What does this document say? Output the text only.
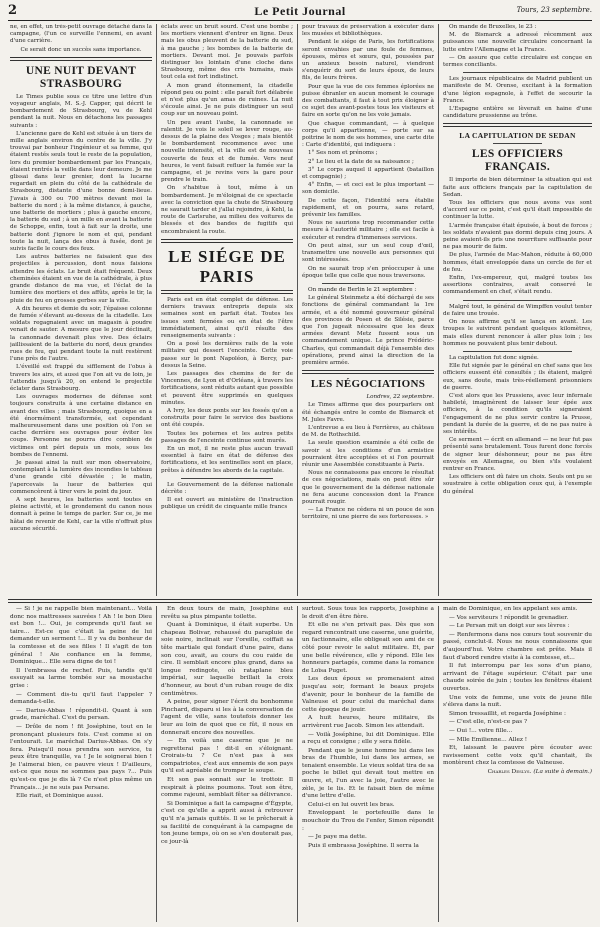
2	Le Petit Journal	Tours, 23 septembre.

ne, en effet, un très-petit ouvrage détaché dans la campagne, (l'un ce surveille l'ennemi, en avant d'une carrière.

Ce serait donc un succès sans importance.

UNE NUIT DEVANT STRASBOURG

Le Times publie sous ce titre une lettre d'un voyageur anglais, M. S.-J. Capper, qui décrit le bombardement de Strasbourg, vu de Kehl pendant la nuit. Nous en détachons les passages suivants :

L'ancienne gare de Kehl est située à un tiers de mille anglais environ du centre de la ville. J'y trouvai par bonheur l'ingénieur et sa femme, qui étaient restés seuls tout le reste de la population, lors du premier bombardement par les Français, étaient rentrés la veille dans leur demeure. Je me glissai dans leur grenier, dont la lucarne regardait en plein du côté de la cathédrale de Strasbourg, distante d'une bonne demi-lieue. J'avais à 300 ou 700 mètres devant moi la batterie du nord ; à la même distance, à gauche, une batterie de mortiers ; plus à gauche encore, la batterie du sud ; à un mille en avant la batterie de Schoppe, enfin, tout à fait sur la droite, une batterie dont j'ignore le nom et qui, pendant toute la nuit, lança des obus à fusée, dont je suivis facile le cours des feux.

Les autres batteries ne faisaient que des projectiles à percussion, dont nous faisions attendre les éclats. Le bruit était fréquent. Deux cheminées étaient en vue de la cathédrale, à plus grande distance de ma vue, et l'éclat de la lumière des mortiers et des affûts, après le tir, la pluie de feu en grosses gerbes sur la ville.

A dix heures et demie du soir, l'épaisse colonne de fumée s'élevant au-dessus de la citadelle. Les soldats regagnaient avec un magasin à poudre venait de sauter. A mesure que le jour déclinait, la canonnade devenait plus vive. Des éclairs jaillissaient de la batterie du nord, deux grandes rues de feu, qui pendant toute la nuit restèrent l'une près de l'autre.

L'éveillé est frappé du sifflement de l'obus à travers les airs, et aussi que l'on ait vu de loin, je l'attendis jusqu'à 20, on entend le projectile éclater dans Strasbourg.

Les ouvrages modernes de défense sont toujours construits à une certaine distance en avant des villes ; mais Strasbourg, quoique en a été énormément transformée, est cependant malheureusement dans une position où l'on se cache derrière ses ouvrages pour éviter les coups. Personne ne pourra dire combien de victimes ont péri depuis un mois, sous les bombes de l'ennemi.

Je passai ainsi la nuit sur mon observatoire, contemplant à la lumière des incendies le tableau d'une grande cité dévastée ; le matin, j'apercevais la lueur de batteries qui commencèrent à tirer vers le point du jour.

A sept heures, les batteries sont toutes en pleine activité, et le grondement du canon nous donnait à peine le temps de parler. Sur ce, je me hâtai de revenir de Kehl, car la ville n'offrait plus aucune sécurité.

éclats avec un bruit sourd. C'est une bombe ; les mortiers viennent d'entrer en ligne. Deux mais les obus pleuvent de la batterie du sud, à ma gauche ; les bombes de la batterie de mortiers. Devant moi. Je pouvais parfois distinguer les lointain d'une cloche dans Strasbourg, même des cris humains, mais tout cela est fort indistinct.

A mon grand étonnement, la citadelle répond peu ou point : elle paraît fort délabrée et n'est plus qu'un amas de ruines. La nuit s'écoule ainsi. Je ne puis distinguer un seul coup sur un nouveau point.

Un peu avant l'aube, la canonnade se ralentit. Je vois le soleil se lever rouge, au-dessus de la plaine des Vosges ; mais bientôt le bombardement recommence avec une nouvelle intensité, et la ville est de nouveau couverte de feux et de fumée. Vers neuf heures, le vent faisait refluer la fumée sur la campagne, et je revins vers la gare pour prendre le train.

On s'habitue à tout, même à un bombardement. Je m'éloignai de ce spectacle avec la conviction que la chute de Strasbourg ne saurait tarder et j'allai rejoindre, à Kehl, la route de Carlsruhe, au milieu des voitures de blessés et des bandes de fugitifs qui encombraient la route.

LE SIÉGE DE PARIS

Paris est en état complet de défense. Les derniers travaux entrepris depuis six semaines sont en parfait état. Toutes les issues sont fermées ou en état de l'être immédiatement, ainsi qu'il résulte des renseignements suivants :

On a posé les dernières rails de la voie militaire qui dessert l'enceinte. Cette voie passe sur le pont Napoléon, à Bercy, par-dessus la Seine.

Les passages des chemins de fer de Vincennes, de Lyon et d'Orléans, à travers les fortifications, sont réduits autant que possible et peuvent être supprimés en quelques minutes.

A Ivry, les deux ponts sur les fossés qu'on a construits pour faire le service des bastions ont été coupés.

Toutes les poternes et les autres petits passages de l'enceinte continue sont murés.

En un mot, il ne reste plus aucun travail essentiel à faire en état de défense des fortifications, et les sentinelles sont en place, prêtes à défendre les abords de la capitale.

Le Gouvernement de la défense nationale décrète :

Il est ouvert au ministère de l'instruction publique un crédit de cinquante mille francs

pour travaux de préservation à exécuter dans les musées et bibliothèques.

Pendant le siége de Paris, les fortifications seront envahies par une foule de femmes, épouses, mères et sœurs, qui, poussées par un anxieux besoin naturel, viendront s'enquérir du sort de leurs époux, de leurs fils, de leurs frères.

Pour que la vue de ces femmes éplorées ne puisse ébranler en aucun moment le courage des combattants, il faut à tout prix éloigner à ce sujet des avant-postes tous les visiteurs et faire en sorte qu'on ne les voie jamais.

Que chaque commandant, — à quelque corps qu'il appartienne, — porte sur sa poitrine le nom de ses hommes, une carte dite : Carte d'identité, qui indiquera :

1° Ses nom et prénoms ;

2° Le lieu et la date de sa naissance ;

3° Le corps auquel il appartient (bataillon et compagnie) ;

4° Enfin, — et ceci est le plus important — son domicile.

De cette façon, l'identité sera établie rapidement, et on pourra, sans retard, prévenir les familles.

Nous ne saurions trop recommander cette mesure à l'autorité militaire ; elle est facile à exécuter et rendra d'immenses services.

On peut ainsi, sur un seul coup d'œil, transmettre une nouvelle aux personnes qui sont intéressées.

On ne saurait trop s'en préoccuper à une époque telle que celle que nous traversons.

On mande de Berlin le 21 septembre :

Le général Steinmetz a été déchargé de ses fonctions de général commandant la 1re armée, et a été nommé gouverneur général des provinces de Posen et de Silésie, parce que l'on jugeait nécessaire que les deux armées devant Metz fussent sous un commandement unique. Le prince Frédéric-Charles, qui commandait déjà l'ensemble des opérations, prend ainsi la direction de la première armée.

LES NÉGOCIATIONS

Londres, 22 septembre.

Le Times affirme que des pourparlers ont été échangés entre le comte de Bismarck et M. Jules Favre.

L'entrevue a eu lieu à Ferrières, au château de M. de Rothschild.

La seule question examinée a été celle de savoir si les conditions d'un armistice pourraient être acceptées et si l'on pourrait réunir une Assemblée constituante à Paris.

Nous ne connaissons pas encore le résultat de ces négociations, mais on peut être sûr que le gouvernement de la défense nationale ne fera aucune concession dont la France pourrait rougir.

— La France ne cédera ni un pouce de son territoire, ni une pierre de ses forteresses. »

On mande de Bruxelles, le 23 :

M. de Bismarck a adressé récemment aux puissances une nouvelle circulaire concernant la lutte entre l'Allemagne et la France.

— On assure que cette circulaire est conçue en termes conciliants.

Les journaux républicains de Madrid publient un manifeste de M. Orense, excitant à la formation d'une légion espagnole, à l'effet de secourir la France.

L'Espagne entière se lèverait en haine d'une candidature prussienne au trône.

LA CAPITULATION DE SEDAN
LES OFFICIERS FRANÇAIS.

Il importe de bien déterminer la situation qui est faite aux officiers français par la capitulation de Sedan.

Tous les officiers que nous avons vus sont d'accord sur ce point, c'est qu'il était impossible de continuer la lutte.

L'armée française était épuisée, à bout de forces ; les soldats n'avaient pas dormi depuis cinq jours. A peine avaient-ils pris une nourriture suffisante pour ne pas mourir de faim.

De plus, l'armée de Mac-Mahon, réduite à 60,000 hommes, était enveloppée dans un cercle de fer et de feu.

Enfin, l'ex-empereur, qui, malgré toutes les assertions contraires, avait conservé le commandement en chef, s'était rendu.

Malgré tout, le général de Wimpffen voulut tenter de faire une trouée.

On nous affirme qu'il se lança en avant. Les troupes le suivirent pendant quelques kilomètres, mais elles durent renoncer à aller plus loin ; les hommes ne pouvaient plus tenir debout.

La capitulation fut donc signée.

Elle fut signée par le général en chef sans que les officiers eussent été consultés ; ils étaient, malgré eux, sans doute, mais très-réellement prisonniers de guerre.

C'est alors que les Prussiens, avec leur infernale habileté, imaginèrent de laisser leur épée aux officiers, à la condition qu'ils signeraient l'engagement de ne plus servir contre la Prusse, pendant la durée de la guerre, et de ne pas nuire à ses intérêts.

Ce serment — écrit en allemand — ne leur fut pas présenté sans brutalement. Tous furent donc forcés de signer leur déshonneur, pour ne pas être envoyés en Allemagne, ou bien s'ils voulaient rentrer en France.

Les officiers ont dû faire un choix. Seuls ont pu se soustraire à cette obligation ceux qui, à l'exemple du général

— Si ! je ne rappelle bien maintenant... Voilà donc nos mattresses sauvées ! Ah ! le bon Dieu est bon !... Oui, je comprends qu'il faut se taire... Est-ce que c'était la peine de lui demander un serment !... Il y va du bonheur de la comtesse et de ses filles ! Il s'agit de ton général ! Aie confiance en la femme, Dominique... Elle sera digne de toi !

Il l'embrassa de rechef. Puis, tandis qu'il essuyait sa larme tombée sur sa moustache grise :

— Comment dis-tu qu'il faut l'appeler ? demanda-t-elle.

— Darius-Abbas ! répondit-il. Quant à son grade, maréchal. C'est du persan.

— Drôle de nom ! fit Joséphine, tout en le prononçant plusieurs fois. C'est comme si on l'entourait. Le maréchal Darius-Abbas. On s'y fera. Puisqu'il nous prendra son service, tu peux être tranquille, va ! Je le soignerai bien ! Je l'aimerai bien, ce pauvre vieux ! D'ailleurs, est-ce que nous ne sommes pas pays ?... Puis qu'est-ce que je dis là ? Ce n'est plus même un Français... je ne suis pas Persane.

Elle riait, et Dominique aussi.

En deux tours de main, Joséphine eut revêtu sa plus pimpante toilette.

Quant à Dominique, il était superbe. Un chapeau Bolivar, rehaussé du parapluie de soie noire, inclinait sur l'oreille, coiffait sa tête martiale qui fondait d'une paire, dans son cou, avait, au cours du cou raide de cire. Il semblait encore plus grand, dans sa longue redingote, où rataplane bleu impérial, sur laquelle brillait la croix d'honneur, au bout d'un ruban rouge de dix centimètres.

A peine, pour signer l'écrit du bonhomme Pinchard, disparu si les à la conversation de l'agent de ville, sans toutefois donner les leur au loin de quoi que ce fût, il nous en donnerait encore des nouvelles.

— En voilà une caserne que je ne regretterai pas ! dit-il en s'éloignant. Croirais-tu ? Ce n'est pas à ses compatriotes, c'est aux ennemis de son pays qu'il est agréable de tromper le soupe.

Et son pas sonnait sur le trottoir. Il respirait à pleins poumons. Tout son être, comme rajeuni, semblait fêter sa délivrance.

Si Dominique a fait la campagne d'Égypte, c'est ce qu'elle a apprit aussi à retrouver qu'il n'a jamais quittés. Il se le prêcherait à sa facilité de conquérant à la campagne de ton jeune temps, où on se s'en douterait pas, ce jour-là

surtout. Sous tous les rapports, Joséphine a le droit d'en être fière.

Et elle ne s'en privait pas. Dès que son regard rencontrait une caserne, une guérite, un factionnaire, elle obligeait son ami de ce côté pour revoir le salut militaire. Et, par une belle révérence, elle y répond. Elle les honneurs partagés, comme dans la romance de Loïsa Puget.

Les deux époux se promenaient ainsi jusqu'au soir, formant le beaux projets d'avenir, pour le bonheur de la famille de Valneuse et pour celui du maréchal dans cette époque de jouir.

A huit heures, heure militaire, ils arrivèrent rue Jacob. Simon les attendait.

— Voilà Joséphine, lui dit Dominique. Elle a reçu et consigne ; elle y sera fidèle.

Pendant que le jeune homme lui dans les bras de l'humble, lui dans les armes, se tenaient ensemble. Le vieux soldat tira de sa poche le billet qui devait tout mettre en œuvre, et, l'un avec la joie, l'autre avec le zèle, je le lis. Et le faisait bien de même d'une lettre d'elle.

Celui-ci en lui ouvrit les bras.

Enveloppant le portefeuille dans le mouchoir du Trou de l'enfer, Simon répondit :

— Je paye ma dette.

Puis il embrassa Joséphine. Il serra la

main de Dominique, en les appelant ses amis.

— Vos serviteurs ! répondit le grenadier.

— Le Persan mit un doigt sur ses lèvres :

— Renfermons dans nos cœurs tout souvenir du passé, conclut-il. Nous ne nous connaissons que d'aujourd'hui. Votre chambre est prête. Mais il faut d'abord rendre visite à la comtesse, et...

Il fut interrompu par les sons d'un piano, arrivant de l'étage supérieur. C'était par une chaude soirée de juin ; toutes les fenêtres étaient ouvertes.

Une voix de femme, une voix de jeune fille s'éleva dans la nuit.

Simon tressaillit, et regarda Joséphine :

— C'est elle, n'est-ce pas ?

— Oui !... votre fille...

— Mlle Emilienne... Allez !

Et, laissant le pauvre père écouter avec ravissement cette voix qu'il chantait, ils montèrent chez la comtesse de Valneuse.

Charles Deslys. (La suite à demain.)
